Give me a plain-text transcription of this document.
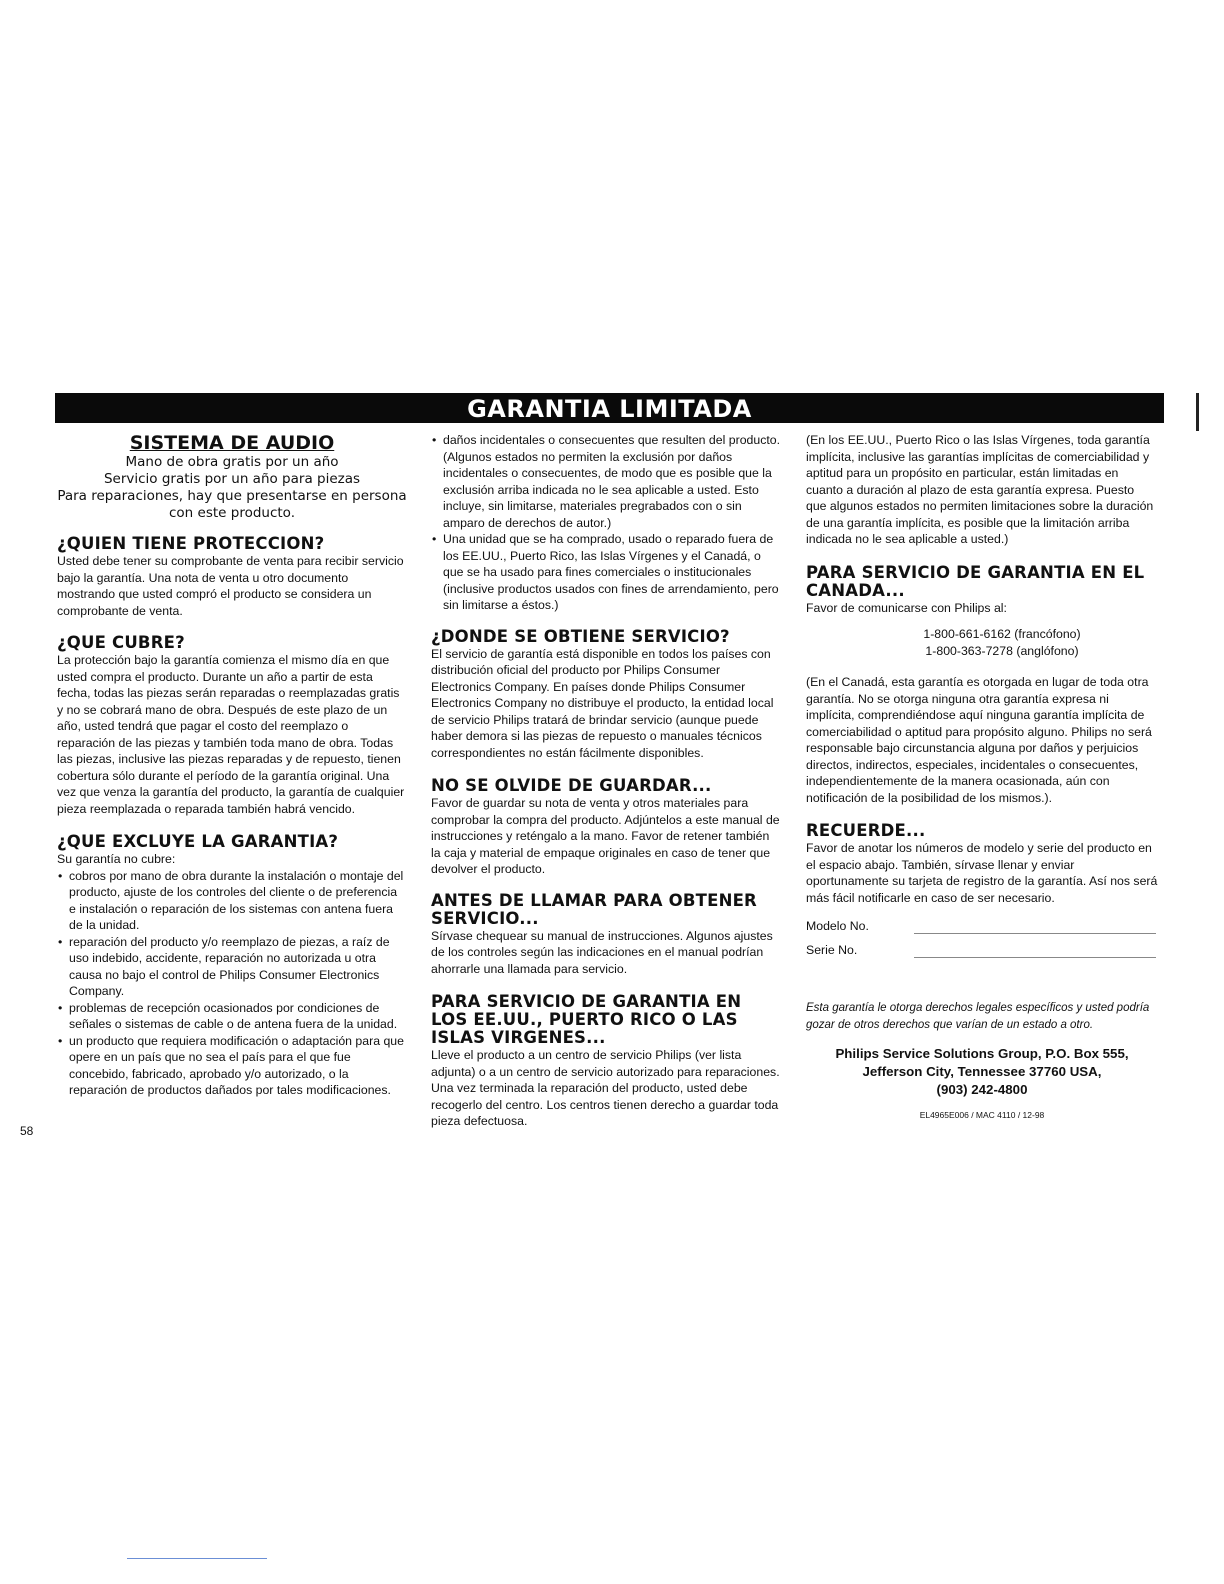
GARANTIA LIMITADA

SISTEMA DE AUDIO

Mano de obra gratis por un año

Servicio gratis por un año para piezas

Para reparaciones, hay que presentarse en persona

con este producto.

¿QUIEN TIENE PROTECCION?

Usted debe tener su comprobante de venta para recibir servicio bajo la garantía. Una nota de venta u otro documento mostrando que usted compró el producto se considera un comprobante de venta.

¿QUE CUBRE?

La protección bajo la garantía comienza el mismo día en que usted compra el producto. Durante un año a partir de esta fecha, todas las piezas serán reparadas o reemplazadas gratis y no se cobrará mano de obra. Después de este plazo de un año, usted tendrá que pagar el costo del reemplazo o reparación de las piezas y también toda mano de obra. Todas las piezas, inclusive las piezas reparadas y de repuesto, tienen cobertura sólo durante el período de la garantía original. Una vez que venza la garantía del producto, la garantía de cualquier pieza reemplazada o reparada también habrá vencido.

¿QUE EXCLUYE LA GARANTIA?

Su garantía no cubre:

• cobros por mano de obra durante la instalación o montaje del producto, ajuste de los controles del cliente o de preferencia e instalación o reparación de los sistemas con antena fuera de la unidad.
• reparación del producto y/o reemplazo de piezas, a raíz de uso indebido, accidente, reparación no autorizada u otra causa no bajo el control de Philips Consumer Electronics Company.
• problemas de recepción ocasionados por condiciones de señales o sistemas de cable o de antena fuera de la unidad.
• un producto que requiera modificación o adaptación para que opere en un país que no sea el país para el que fue concebido, fabricado, aprobado y/o autorizado, o la reparación de productos dañados por tales modificaciones.
• daños incidentales o consecuentes que resulten del producto. (Algunos estados no permiten la exclusión por daños incidentales o consecuentes, de modo que es posible que la exclusión arriba indicada no le sea aplicable a usted. Esto incluye, sin limitarse, materiales pregrabados con o sin amparo de derechos de autor.)
• Una unidad que se ha comprado, usado o reparado fuera de los EE.UU., Puerto Rico, las Islas Vírgenes y el Canadá, o que se ha usado para fines comerciales o institucionales (inclusive productos usados con fines de arrendamiento, pero sin limitarse a éstos.)
¿DONDE SE OBTIENE SERVICIO?

El servicio de garantía está disponible en todos los países con distribución oficial del producto por Philips Consumer Electronics Company. En países donde Philips Consumer Electronics Company no distribuye el producto, la entidad local de servicio Philips tratará de brindar servicio (aunque puede haber demora si las piezas de repuesto o manuales técnicos correspondientes no están fácilmente disponibles.

NO SE OLVIDE DE GUARDAR...

Favor de guardar su nota de venta y otros materiales para comprobar la compra del producto. Adjúntelos a este manual de instrucciones y reténgalo a la mano. Favor de retener también la caja y material de empaque originales en caso de tener que devolver el producto.

ANTES DE LLAMAR PARA OBTENER SERVICIO...

Sírvase chequear su manual de instrucciones. Algunos ajustes de los controles según las indicaciones en el manual podrían ahorrarle una llamada para servicio.

PARA SERVICIO DE GARANTIA EN LOS EE.UU., PUERTO RICO O LAS ISLAS VIRGENES...

Lleve el producto a un centro de servicio Philips (ver lista adjunta) o a un centro de servicio autorizado para reparaciones. Una vez terminada la reparación del producto, usted debe recogerlo del centro. Los centros tienen derecho a guardar toda pieza defectuosa.

(En los EE.UU., Puerto Rico o las Islas Vírgenes, toda garantía implícita, inclusive las garantías implícitas de comerciabilidad y aptitud para un propósito en particular, están limitadas en cuanto a duración al plazo de esta garantía expresa. Puesto que algunos estados no permiten limitaciones sobre la duración de una garantía implícita, es posible que la limitación arriba indicada no le sea aplicable a usted.)

PARA SERVICIO DE GARANTIA EN EL CANADA...

Favor de comunicarse con Philips al:

1-800-661-6162 (francófono)

1-800-363-7278 (anglófono)

(En el Canadá, esta garantía es otorgada en lugar de toda otra garantía. No se otorga ninguna otra garantía expresa ni implícita, comprendiéndose aquí ninguna garantía implícita de comerciabilidad o aptitud para propósito alguno. Philips no será responsable bajo circunstancia alguna por daños y perjuicios directos, indirectos, especiales, incidentales o consecuentes, independientemente de la manera ocasionada, aún con notificación de la posibilidad de los mismos.).

RECUERDE...

Favor de anotar los números de modelo y serie del producto en el espacio abajo. También, sírvase llenar y enviar oportunamente su tarjeta de registro de la garantía. Así nos será más fácil notificarle en caso de ser necesario.

Modelo No.
Serie No.

Esta garantía le otorga derechos legales específicos y usted podría gozar de otros derechos que varían de un estado a otro.

Philips Service Solutions Group, P.O. Box 555,

Jefferson City, Tennessee 37760 USA,

(903) 242-4800

EL4965E006 / MAC 4110 / 12-98

58
